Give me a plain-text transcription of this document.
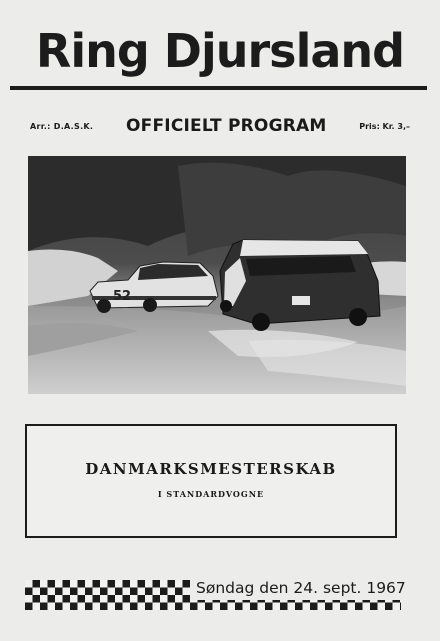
Ring Djursland
Arr.: D.A.S.K. OFFICIELT PROGRAM	Pris: Kr. 3,–
52
DANMARKSMESTERSKAB
I STANDARDVOGNE
Søndag den 24. sept. 1967
